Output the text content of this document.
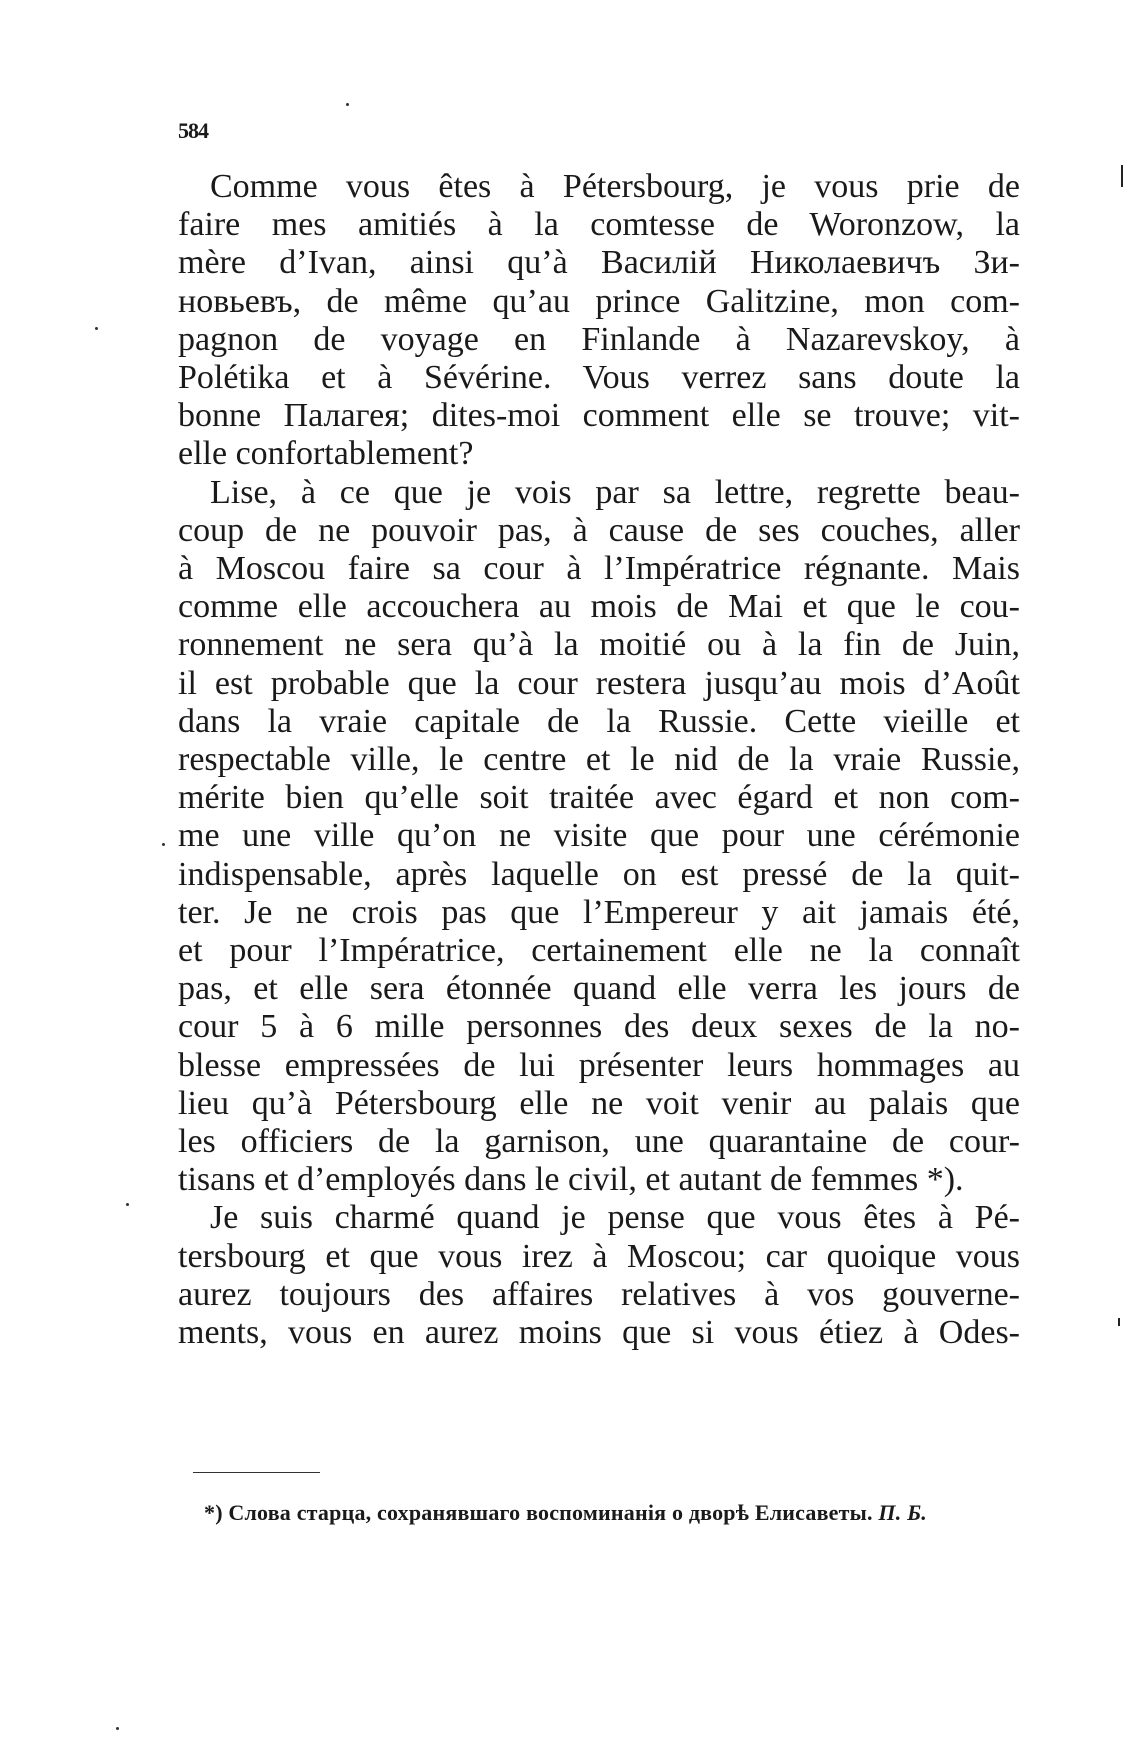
584

Comme vous êtes à Pétersbourg, je vous prie de
faire mes amitiés à la comtesse de Woronzow, la
mère d’Ivan, ainsi qu’à Василій Николаевичъ Зи-
новьевъ, de même qu’au prince Galitzine, mon com-
pagnon de voyage en Finlande à Nazarevskoy, à
Polétika et à Sévérine. Vous verrez sans doute la
bonne Палагея; dites-moi comment elle se trouve; vit-
elle confortablement?

Lise, à ce que je vois par sa lettre, regrette beau-
coup de ne pouvoir pas, à cause de ses couches, aller
à Moscou faire sa cour à l’Impératrice régnante. Mais
comme elle accouchera au mois de Mai et que le cou-
ronnement ne sera qu’à la moitié ou à la fin de Juin,
il est probable que la cour restera jusqu’au mois d’Août
dans la vraie capitale de la Russie. Cette vieille et
respectable ville, le centre et le nid de la vraie Russie,
mérite bien qu’elle soit traitée avec égard et non com-
me une ville qu’on ne visite que pour une cérémonie
indispensable, après laquelle on est pressé de la quit-
ter. Je ne crois pas que l’Empereur y ait jamais été,
et pour l’Impératrice, certainement elle ne la connaît
pas, et elle sera étonnée quand elle verra les jours de
cour 5 à 6 mille personnes des deux sexes de la no-
blesse empressées de lui présenter leurs hommages au
lieu qu’à Pétersbourg elle ne voit venir au palais que
les officiers de la garnison, une quarantaine de cour-
tisans et d’employés dans le civil, et autant de femmes *).

Je suis charmé quand je pense que vous êtes à Pé-
tersbourg et que vous irez à Moscou; car quoique vous
aurez toujours des affaires relatives à vos gouverne-
ments, vous en aurez moins que si vous étiez à Odes-

*) Слова старца, сохранявшаго воспоминанія о дворѣ Елисаветы. П. Б.
